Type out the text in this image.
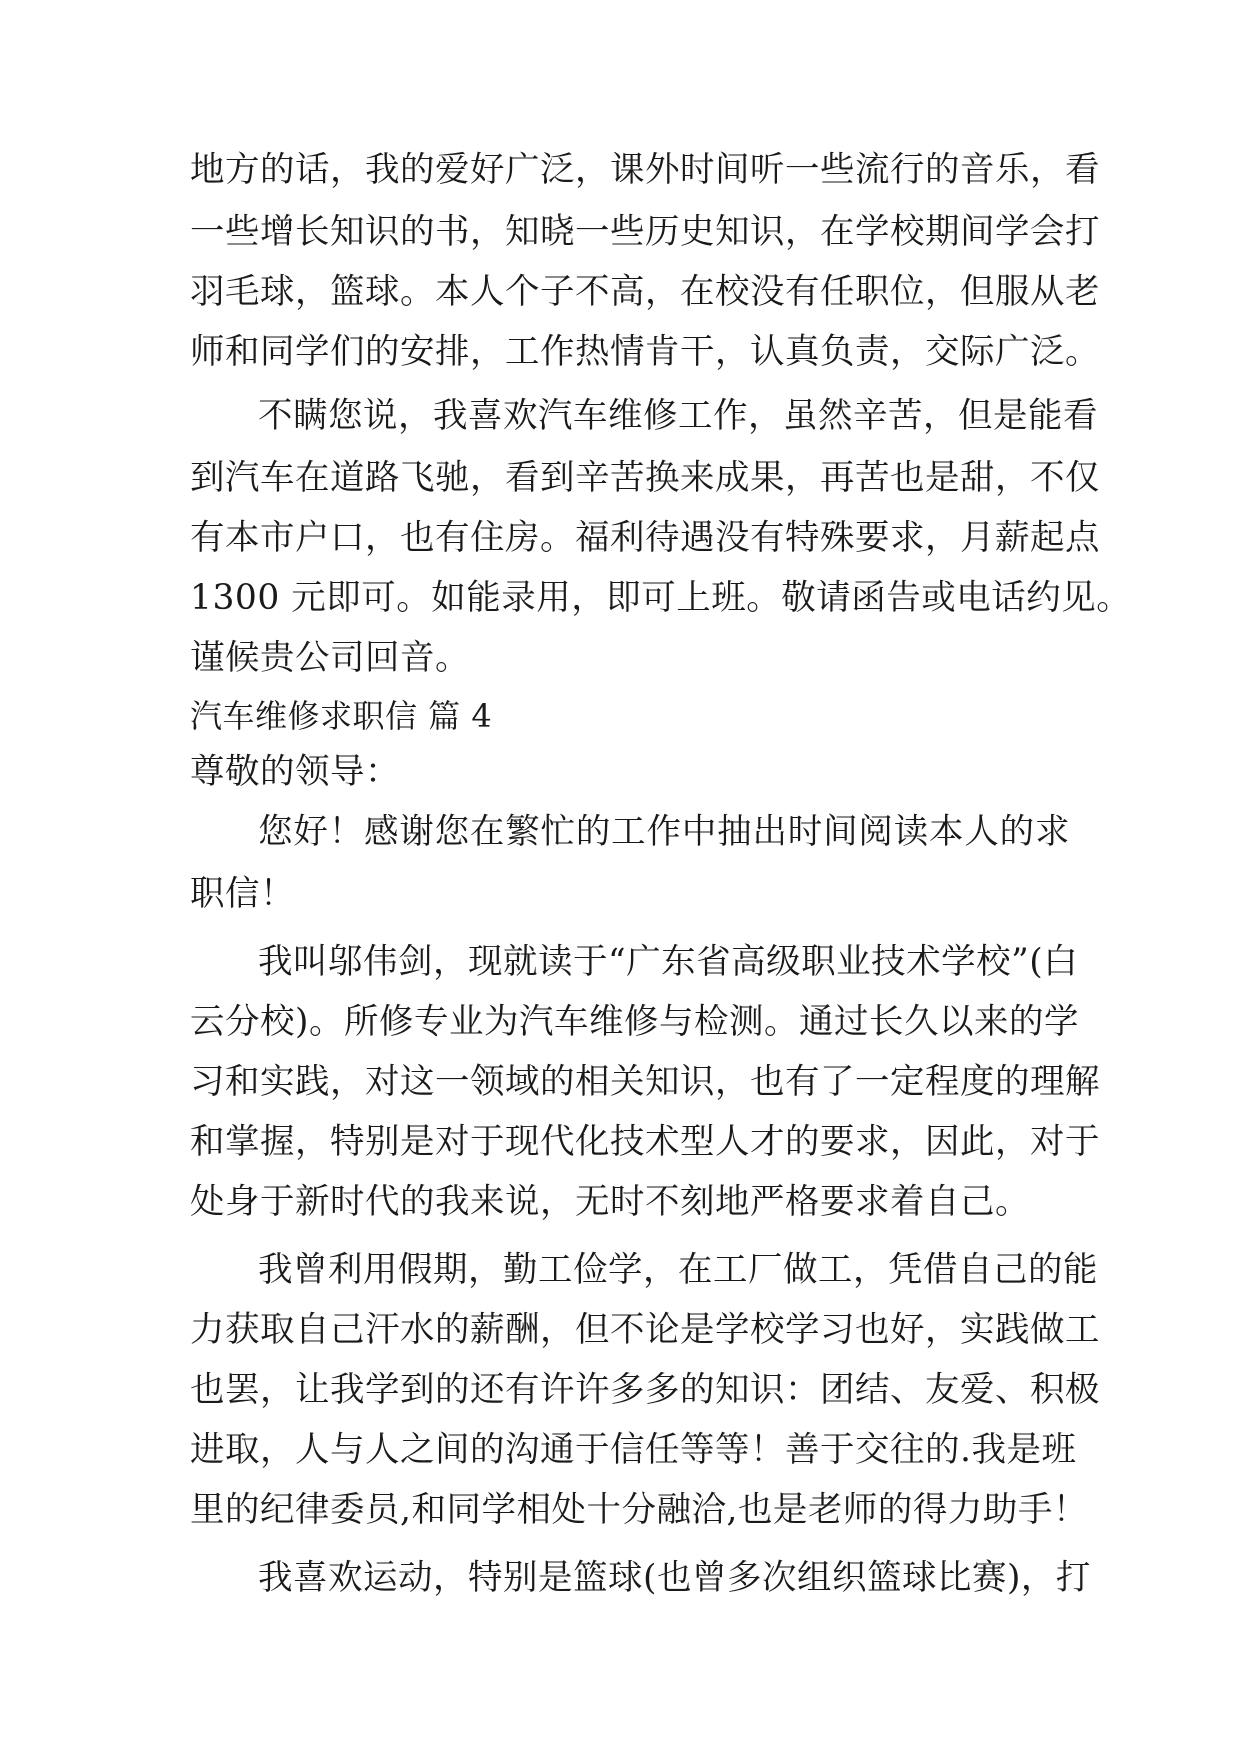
地方的话，我的爱好广泛，课外时间听一些流行的音乐，看
一些增长知识的书，知晓一些历史知识，在学校期间学会打
羽毛球，篮球。本人个子不高，在校没有任职位，但服从老
师和同学们的安排，工作热情肯干，认真负责，交际广泛。
不瞒您说，我喜欢汽车维修工作，虽然辛苦，但是能看
到汽车在道路飞驰，看到辛苦换来成果，再苦也是甜，不仅
有本市户口，也有住房。福利待遇没有特殊要求，月薪起点
1300 元即可。如能录用，即可上班。敬请函告或电话约见。
谨候贵公司回音。
汽车维修求职信 篇 4
尊敬的领导：
您好！感谢您在繁忙的工作中抽出时间阅读本人的求
职信！
我叫邬伟剑，现就读于“广东省高级职业技术学校”(白
云分校)。所修专业为汽车维修与检测。通过长久以来的学
习和实践，对这一领域的相关知识，也有了一定程度的理解
和掌握，特别是对于现代化技术型人才的要求，因此，对于
处身于新时代的我来说，无时不刻地严格要求着自己。
我曾利用假期，勤工俭学，在工厂做工，凭借自己的能
力获取自己汗水的薪酬，但不论是学校学习也好，实践做工
也罢，让我学到的还有许许多多的知识：团结、友爱、积极
进取，人与人之间的沟通于信任等等！善于交往的.我是班
里的纪律委员,和同学相处十分融洽,也是老师的得力助手！
我喜欢运动，特别是篮球(也曾多次组织篮球比赛)，打
